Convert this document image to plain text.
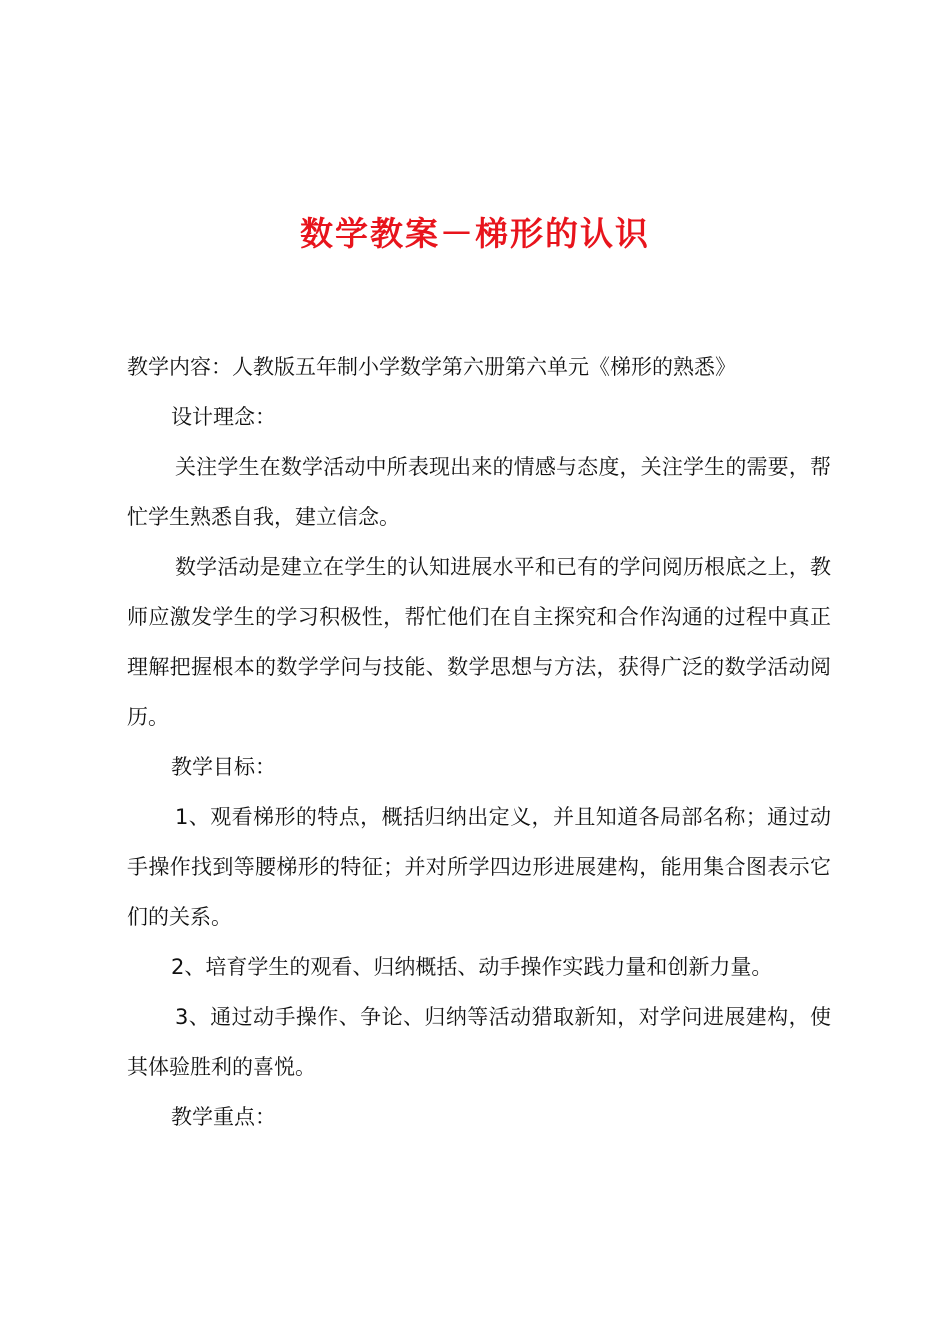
数学教案－梯形的认识

教学内容：人教版五年制小学数学第六册第六单元《梯形的熟悉》

设计理念：

关注学生在数学活动中所表现出来的情感与态度，关注学生的需要，帮忙学生熟悉自我，建立信念。

数学活动是建立在学生的认知进展水平和已有的学问阅历根底之上，教师应激发学生的学习积极性，帮忙他们在自主探究和合作沟通的过程中真正理解把握根本的数学学问与技能、数学思想与方法，获得广泛的数学活动阅历。

教学目标：

1、观看梯形的特点，概括归纳出定义，并且知道各局部名称；通过动手操作找到等腰梯形的特征；并对所学四边形进展建构，能用集合图表示它们的关系。

2、培育学生的观看、归纳概括、动手操作实践力量和创新力量。

3、通过动手操作、争论、归纳等活动猎取新知，对学问进展建构，使其体验胜利的喜悦。

教学重点：
